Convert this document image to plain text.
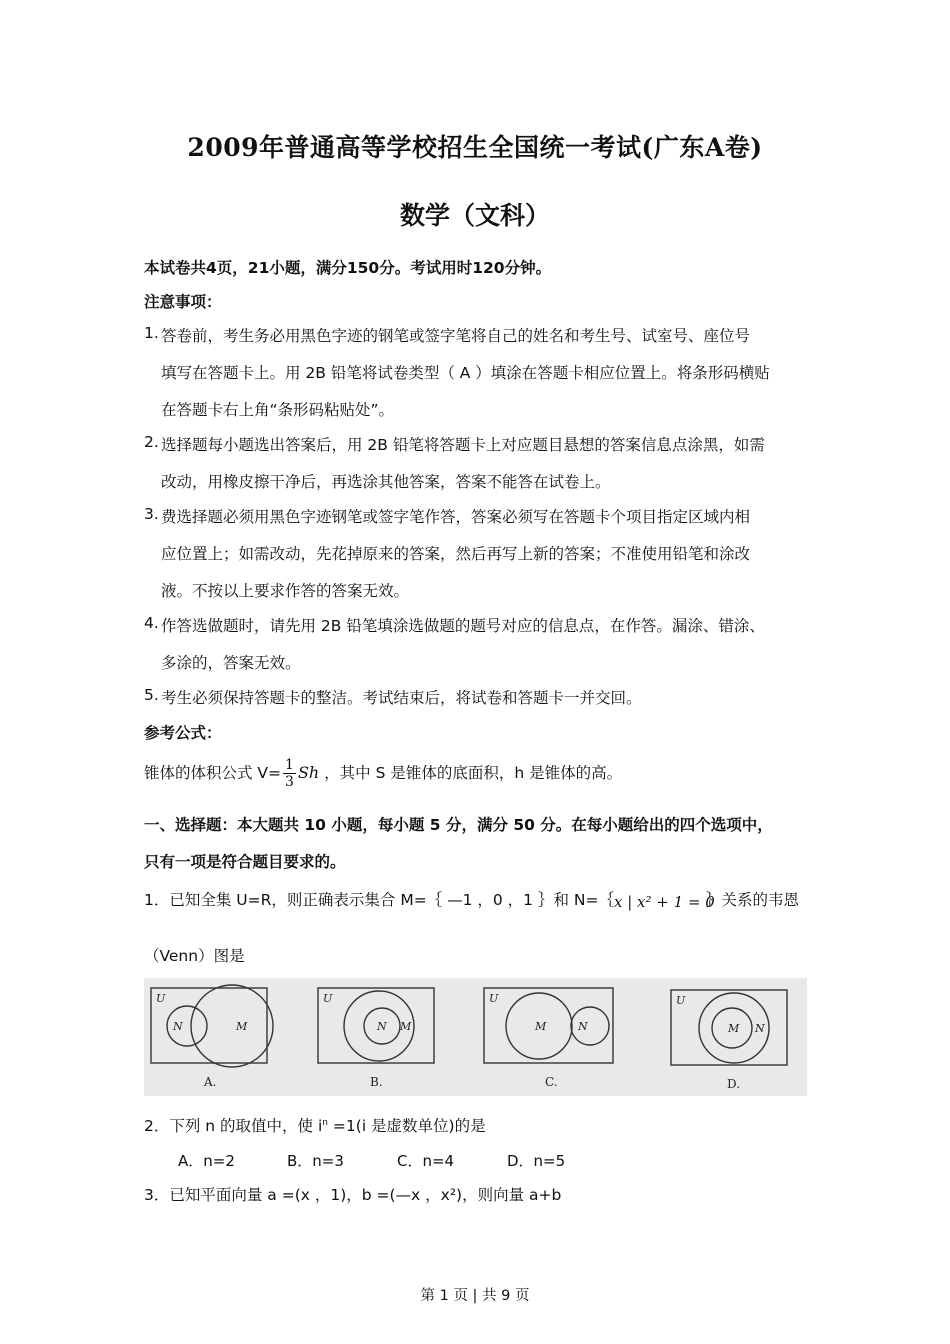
2009年普通高等学校招生全国统一考试(广东A卷)
数学（文科）
本试卷共4页，21小题，满分150分。考试用时120分钟。
注意事项：
1. 答卷前，考生务必用黑色字迹的钢笔或签字笔将自己的姓名和考生号、试室号、座位号
填写在答题卡上。用 2B 铅笔将试卷类型（ A ）填涂在答题卡相应位置上。将条形码横贴
在答题卡右上角“条形码粘贴处”。
2. 选择题每小题选出答案后，用 2B 铅笔将答题卡上对应题目悬想的答案信息点涂黑，如需
改动，用橡皮擦干净后，再选涂其他答案，答案不能答在试卷上。
3. 费选择题必须用黑色字迹钢笔或签字笔作答，答案必须写在答题卡个项目指定区域内相
应位置上；如需改动，先花掉原来的答案，然后再写上新的答案；不准使用铅笔和涂改
液。不按以上要求作答的答案无效。
4. 作答选做题时，请先用 2B 铅笔填涂选做题的题号对应的信息点，在作答。漏涂、错涂、
多涂的，答案无效。
5. 考生必须保持答题卡的整洁。考试结束后，将试卷和答题卡一并交回。
参考公式：
锥体的体积公式 $V= \frac{1}{3}$ Sh ，其中 S 是锥体的底面积，h 是锥体的高。
一、选择题：本大题共 10 小题，每小题 5 分，满分 50 分。在每小题给出的四个选项中，
只有一项是符合题目要求的。
1．已知全集 U=R，则正确表示集合 M=｛ —1 ，0 ，1 ｝和 N=｛ x | x² + 1 = 0
｝关系的韦恩
（Venn）图是
U
N	M
U
N M
U
M	N
U
M N
A.	B.	C.	D.
2．下列 n 的取值中，使 $i^n =1(i$ 是虚数单位)的是
A．n=2	B．n=3	C．n=4	D．n=5
3．已知平面向量 a =(x ，1)，b =(—x ，x²)，则向量 a+b
第 1 页 | 共 9 页
